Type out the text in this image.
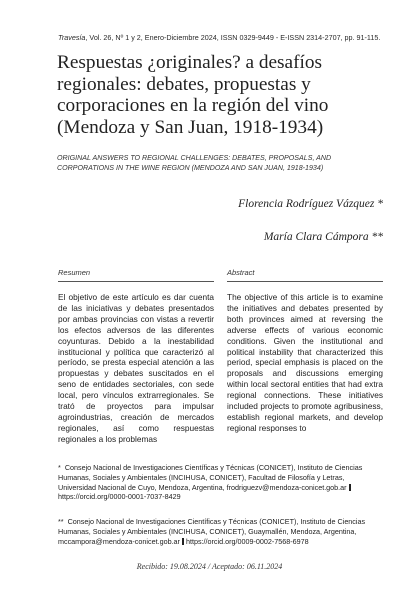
Travesía, Vol. 26, Nº 1 y 2, Enero-Diciembre 2024, ISSN 0329-9449 - E-ISSN 2314-2707, pp. 91-115.
Respuestas ¿originales? a desafíos regionales: debates, propuestas y corporaciones en la región del vino (Mendoza y San Juan, 1918-1934)
ORIGINAL ANSWERS TO REGIONAL CHALLENGES: DEBATES, PROPOSALS, AND CORPORATIONS IN THE WINE REGION (MENDOZA AND SAN JUAN, 1918-1934)
Florencia Rodríguez Vázquez *
María Clara Cámpora **
Resumen	Abstract
El objetivo de este artículo es dar cuenta de las iniciativas y debates presentados por ambas provincias con vistas a revertir los efectos adversos de las diferentes coyunturas. Debido a la inestabilidad institucional y política que caracterizó al período, se presta especial atención a las propuestas y debates suscitados en el seno de entidades sectoriales, con sede local, pero vínculos extrarregionales. Se trató de proyectos para impulsar agroindustrias, creación de mercados regionales, así como respuestas regionales a los problemas
The objective of this article is to examine the initiatives and debates presented by both provinces aimed at reversing the adverse effects of various economic conditions. Given the institutional and political instability that characterized this period, special emphasis is placed on the proposals and discussions emerging within local sectoral entities that had extra regional connections. These initiatives included projects to promote agribusiness, establish regional markets, and develop regional responses to
* Consejo Nacional de Investigaciones Científicas y Técnicas (CONICET), Instituto de Ciencias Humanas, Sociales y Ambientales (INCIHUSA, CONICET), Facultad de Filosofía y Letras, Universidad Nacional de Cuyo, Mendoza, Argentina, frodriguezv@mendoza-conicet.gob.ar https://orcid.org/0000-0001-7037-8429
** Consejo Nacional de Investigaciones Científicas y Técnicas (CONICET), Instituto de Ciencias Humanas, Sociales y Ambientales (INCIHUSA, CONICET), Guaymallén, Mendoza, Argentina, mccampora@mendoza-conicet.gob.ar https://orcid.org/0009-0002-7568-6978
Recibido: 19.08.2024 / Aceptado: 06.11.2024
